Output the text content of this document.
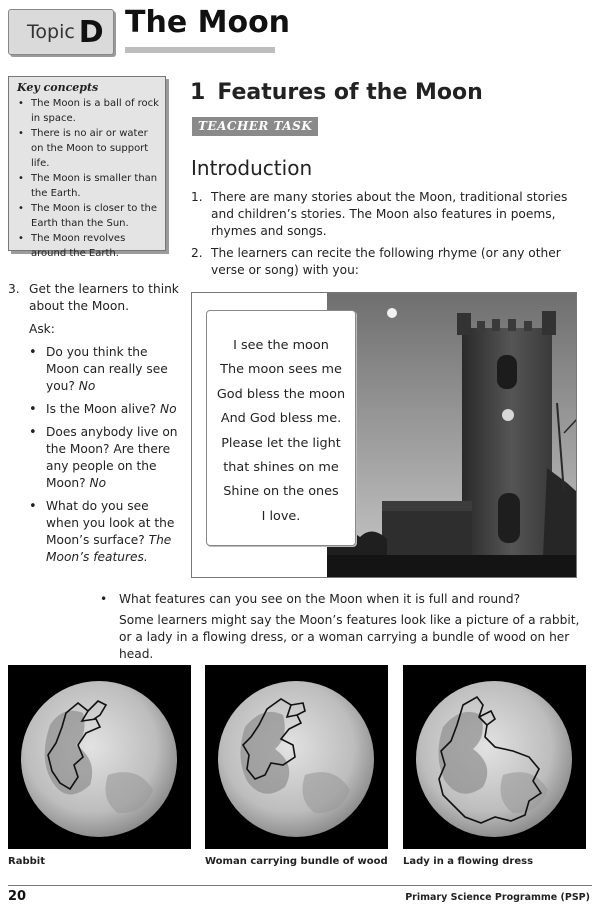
Topic D The Moon
Key concepts
• The Moon is a ball of rock in space.
• There is no air or water on the Moon to support life.
• The Moon is smaller than the Earth.
• The Moon is closer to the Earth than the Sun.
• The Moon revolves around the Earth.
1 Features of the Moon
TEACHER TASK
Introduction
1. There are many stories about the Moon, traditional stories and children’s stories. The Moon also features in poems, rhymes and songs.
2. The learners can recite the following rhyme (or any other verse or song) with you:
3. Get the learners to think about the Moon.
Ask:
• Do you think the Moon can really see you? No
• Is the Moon alive? No
• Does anybody live on the Moon? Are there any people on the Moon? No
• What do you see when you look at the Moon’s surface? The Moon’s features.
I see the moon
The moon sees me
God bless the moon
And God bless me.
Please let the light
that shines on me
Shine on the ones
I love.
• What features can you see on the Moon when it is full and round?
Some learners might say the Moon’s features look like a picture of a rabbit, or a lady in a flowing dress, or a woman carrying a bundle of wood on her head.
Rabbit	Woman carrying bundle of wood Lady in a flowing dress
20	Primary Science Programme (PSP)
